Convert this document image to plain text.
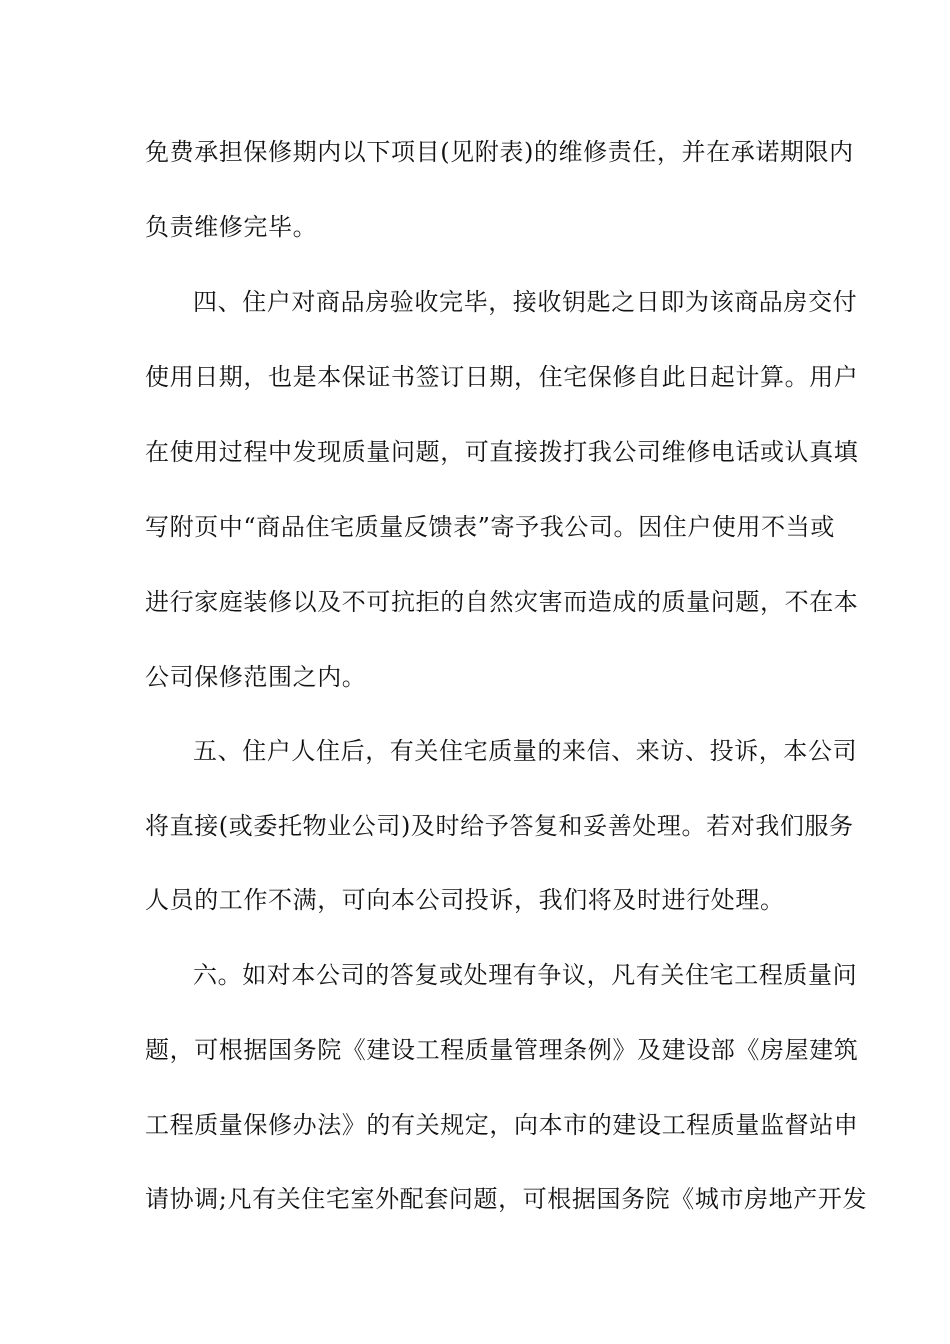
免费承担保修期内以下项目(见附表)的维修责任，并在承诺期限内
负责维修完毕。
四、住户对商品房验收完毕，接收钥匙之日即为该商品房交付
使用日期，也是本保证书签订日期，住宅保修自此日起计算。用户
在使用过程中发现质量问题，可直接拨打我公司维修电话或认真填
写附页中“商品住宅质量反馈表”寄予我公司。因住户使用不当或
进行家庭装修以及不可抗拒的自然灾害而造成的质量问题，不在本
公司保修范围之内。
五、住户人住后，有关住宅质量的来信、来访、投诉，本公司
将直接(或委托物业公司)及时给予答复和妥善处理。若对我们服务
人员的工作不满，可向本公司投诉，我们将及时进行处理。
六。如对本公司的答复或处理有争议，凡有关住宅工程质量问
题，可根据国务院《建设工程质量管理条例》及建设部《房屋建筑
工程质量保修办法》的有关规定，向本市的建设工程质量监督站申
请协调;凡有关住宅室外配套问题，可根据国务院《城市房地产开发
